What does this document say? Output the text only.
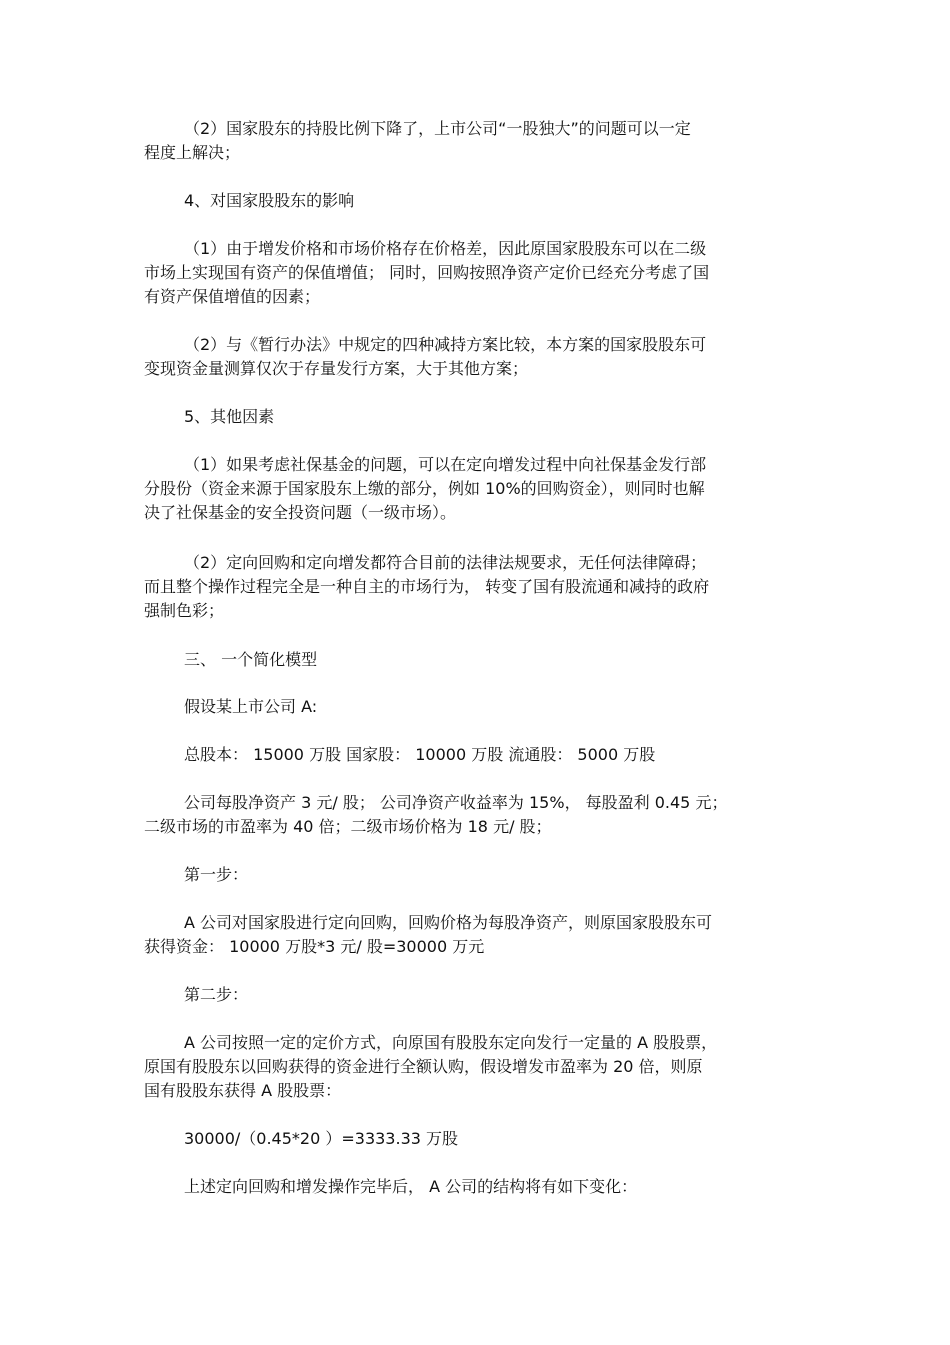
（2）国家股东的持股比例下降了，上市公司“一股独大”的问题可以一定
程度上解决；
4、对国家股股东的影响
（1）由于增发价格和市场价格存在价格差，因此原国家股股东可以在二级
市场上实现国有资产的保值增值； 同时，回购按照净资产定价已经充分考虑了国
有资产保值增值的因素；
（2）与《暂行办法》中规定的四种减持方案比较，本方案的国家股股东可
变现资金量测算仅次于存量发行方案，大于其他方案；
5、其他因素
（1）如果考虑社保基金的问题，可以在定向增发过程中向社保基金发行部
分股份（资金来源于国家股东上缴的部分，例如 10%的回购资金），则同时也解
决了社保基金的安全投资问题（一级市场）。
（2）定向回购和定向增发都符合目前的法律法规要求，无任何法律障碍；
而且整个操作过程完全是一种自主的市场行为， 转变了国有股流通和减持的政府
强制色彩；
三、 一个简化模型
假设某上市公司 A:
总股本： 15000 万股 国家股： 10000 万股 流通股： 5000 万股
公司每股净资产 3 元/ 股； 公司净资产收益率为 15%， 每股盈利 0.45 元；
二级市场的市盈率为 40 倍；二级市场价格为 18 元/ 股；
第一步：
A 公司对国家股进行定向回购，回购价格为每股净资产，则原国家股股东可
获得资金： 10000 万股*3 元/ 股=30000 万元
第二步：
A 公司按照一定的定价方式，向原国有股股东定向发行一定量的 A 股股票，
原国有股股东以回购获得的资金进行全额认购，假设增发市盈率为 20 倍，则原
国有股股东获得 A 股股票：
30000/（0.45*20 ）=3333.33 万股
上述定向回购和增发操作完毕后， A 公司的结构将有如下变化：
